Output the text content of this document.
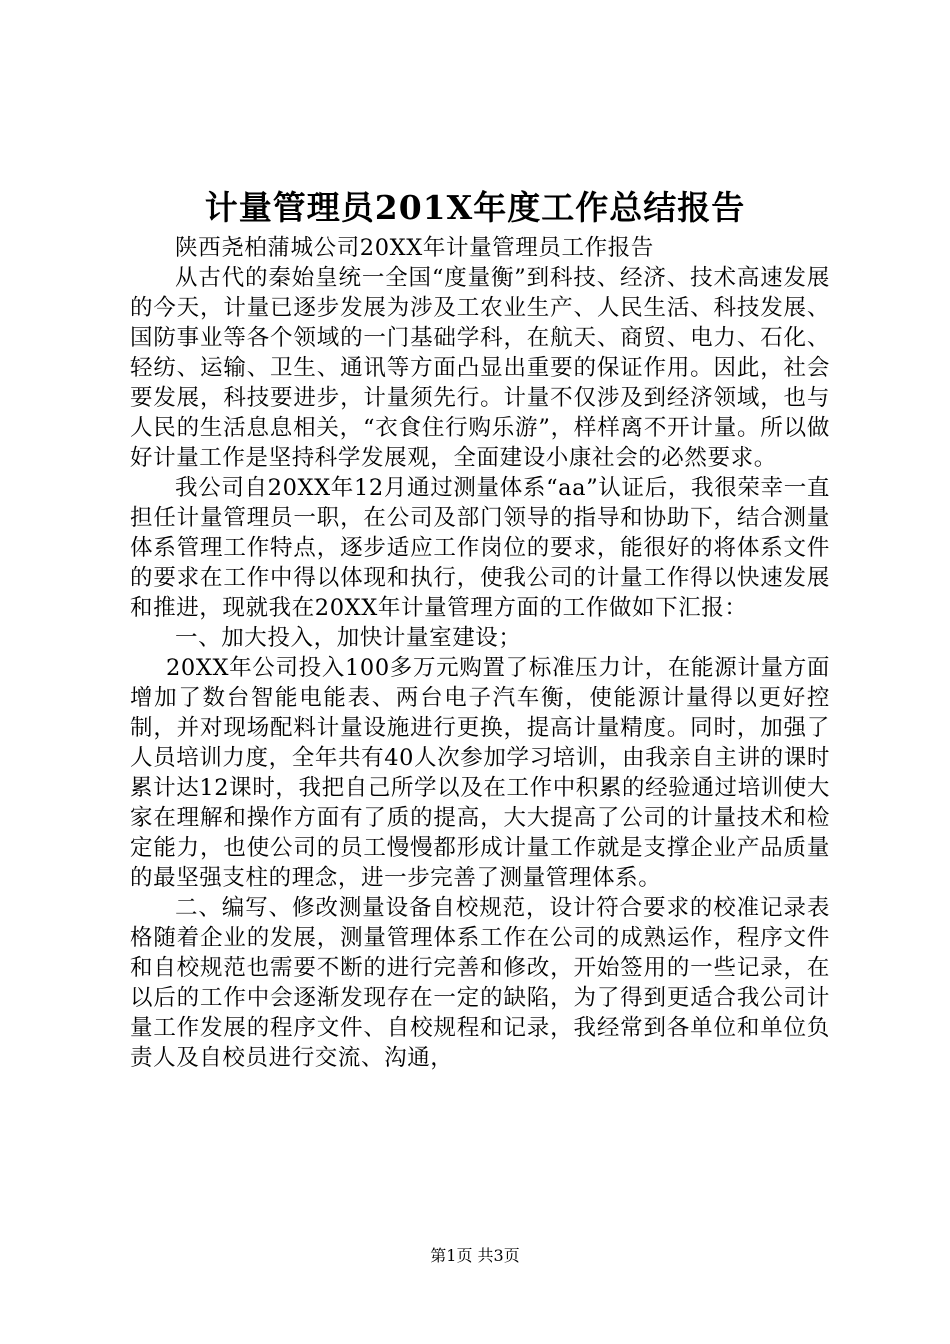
计量管理员201X年度工作总结报告

陕西尧柏蒲城公司20XX年计量管理员工作报告

从古代的秦始皇统一全国“度量衡”到科技、经济、技术高速发展的今天，计量已逐步发展为涉及工农业生产、人民生活、科技发展、国防事业等各个领域的一门基础学科，在航天、商贸、电力、石化、轻纺、运输、卫生、通讯等方面凸显出重要的保证作用。因此，社会要发展，科技要进步，计量须先行。计量不仅涉及到经济领域，也与人民的生活息息相关，“衣食住行购乐游”，样样离不开计量。所以做好计量工作是坚持科学发展观，全面建设小康社会的必然要求。

我公司自20XX年12月通过测量体系“aa”认证后，我很荣幸一直担任计量管理员一职，在公司及部门领导的指导和协助下，结合测量体系管理工作特点，逐步适应工作岗位的要求，能很好的将体系文件的要求在工作中得以体现和执行，使我公司的计量工作得以快速发展和推进，现就我在20XX年计量管理方面的工作做如下汇报：

一、加大投入，加快计量室建设；

20XX年公司投入100多万元购置了标准压力计，在能源计量方面增加了数台智能电能表、两台电子汽车衡，使能源计量得以更好控制，并对现场配料计量设施进行更换，提高计量精度。同时，加强了人员培训力度，全年共有40人次参加学习培训，由我亲自主讲的课时累计达12课时，我把自己所学以及在工作中积累的经验通过培训使大家在理解和操作方面有了质的提高，大大提高了公司的计量技术和检定能力，也使公司的员工慢慢都形成计量工作就是支撑企业产品质量的最坚强支柱的理念，进一步完善了测量管理体系。

二、编写、修改测量设备自校规范，设计符合要求的校准记录表格随着企业的发展，测量管理体系工作在公司的成熟运作，程序文件和自校规范也需要不断的进行完善和修改，开始签用的一些记录，在以后的工作中会逐渐发现存在一定的缺陷，为了得到更适合我公司计量工作发展的程序文件、自校规程和记录，我经常到各单位和单位负责人及自校员进行交流、沟通，

第1页 共3页
